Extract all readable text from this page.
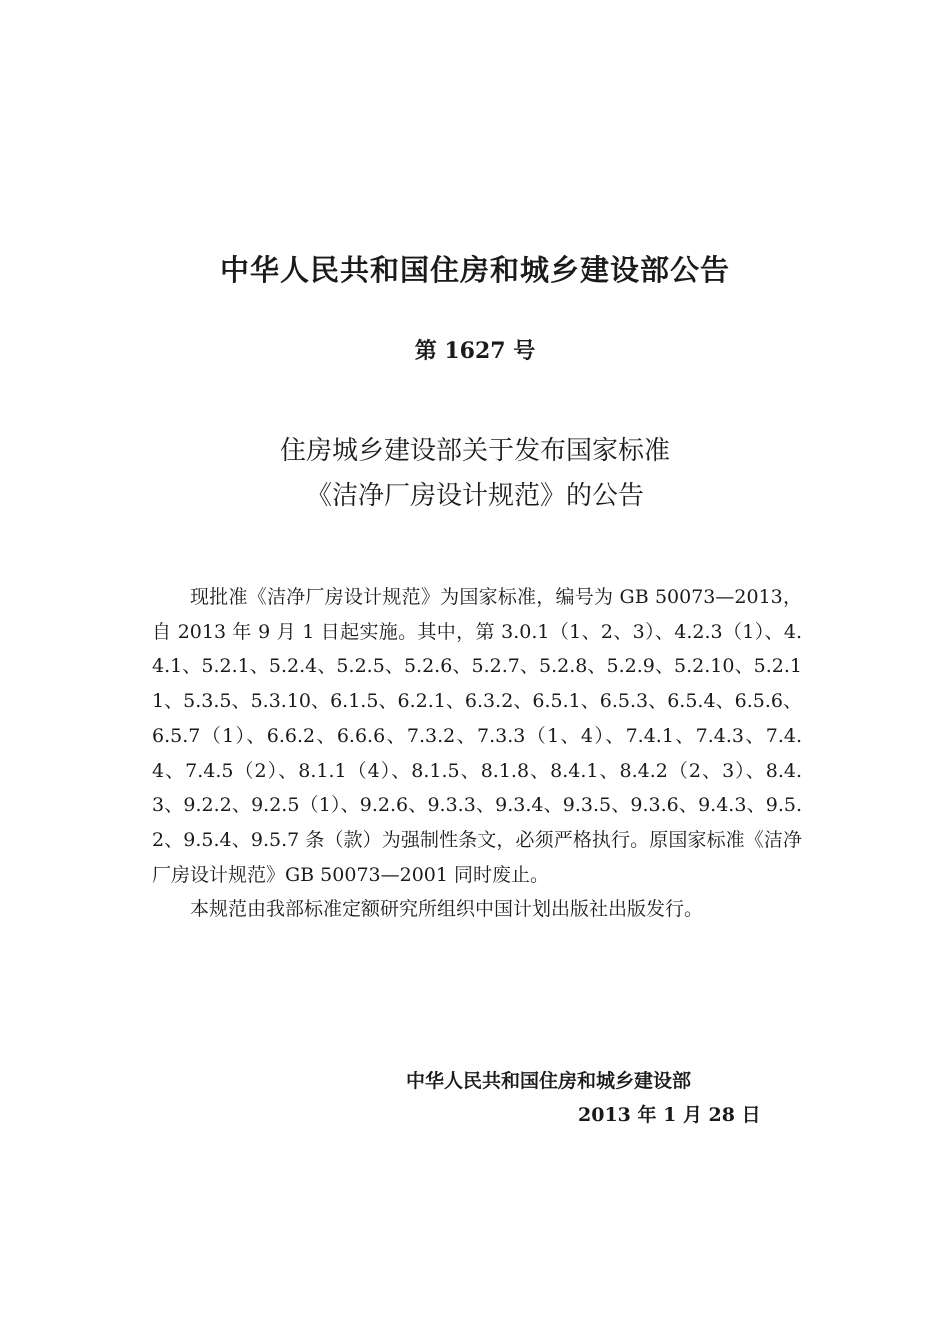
中华人民共和国住房和城乡建设部公告
第 1627 号
住房城乡建设部关于发布国家标准
《洁净厂房设计规范》的公告

现批准《洁净厂房设计规范》为国家标准，编号为 GB 50073—2013，自 2013 年 9 月 1 日起实施。其中，第 3.0.1（1、2、3）、4.2.3（1）、4.4.1、5.2.1、5.2.4、5.2.5、5.2.6、5.2.7、5.2.8、5.2.9、5.2.10、5.2.11、5.3.5、5.3.10、6.1.5、6.2.1、6.3.2、6.5.1、6.5.3、6.5.4、6.5.6、6.5.7（1）、6.6.2、6.6.6、7.3.2、7.3.3（1、4）、7.4.1、7.4.3、7.4.4、7.4.5（2）、8.1.1（4）、8.1.5、8.1.8、8.4.1、8.4.2（2、3）、8.4.3、9.2.2、9.2.5（1）、9.2.6、9.3.3、9.3.4、9.3.5、9.3.6、9.4.3、9.5.2、9.5.4、9.5.7 条（款）为强制性条文，必须严格执行。原国家标准《洁净厂房设计规范》GB 50073—2001 同时废止。

本规范由我部标准定额研究所组织中国计划出版社出版发行。

中华人民共和国住房和城乡建设部
2013 年 1 月 28 日
